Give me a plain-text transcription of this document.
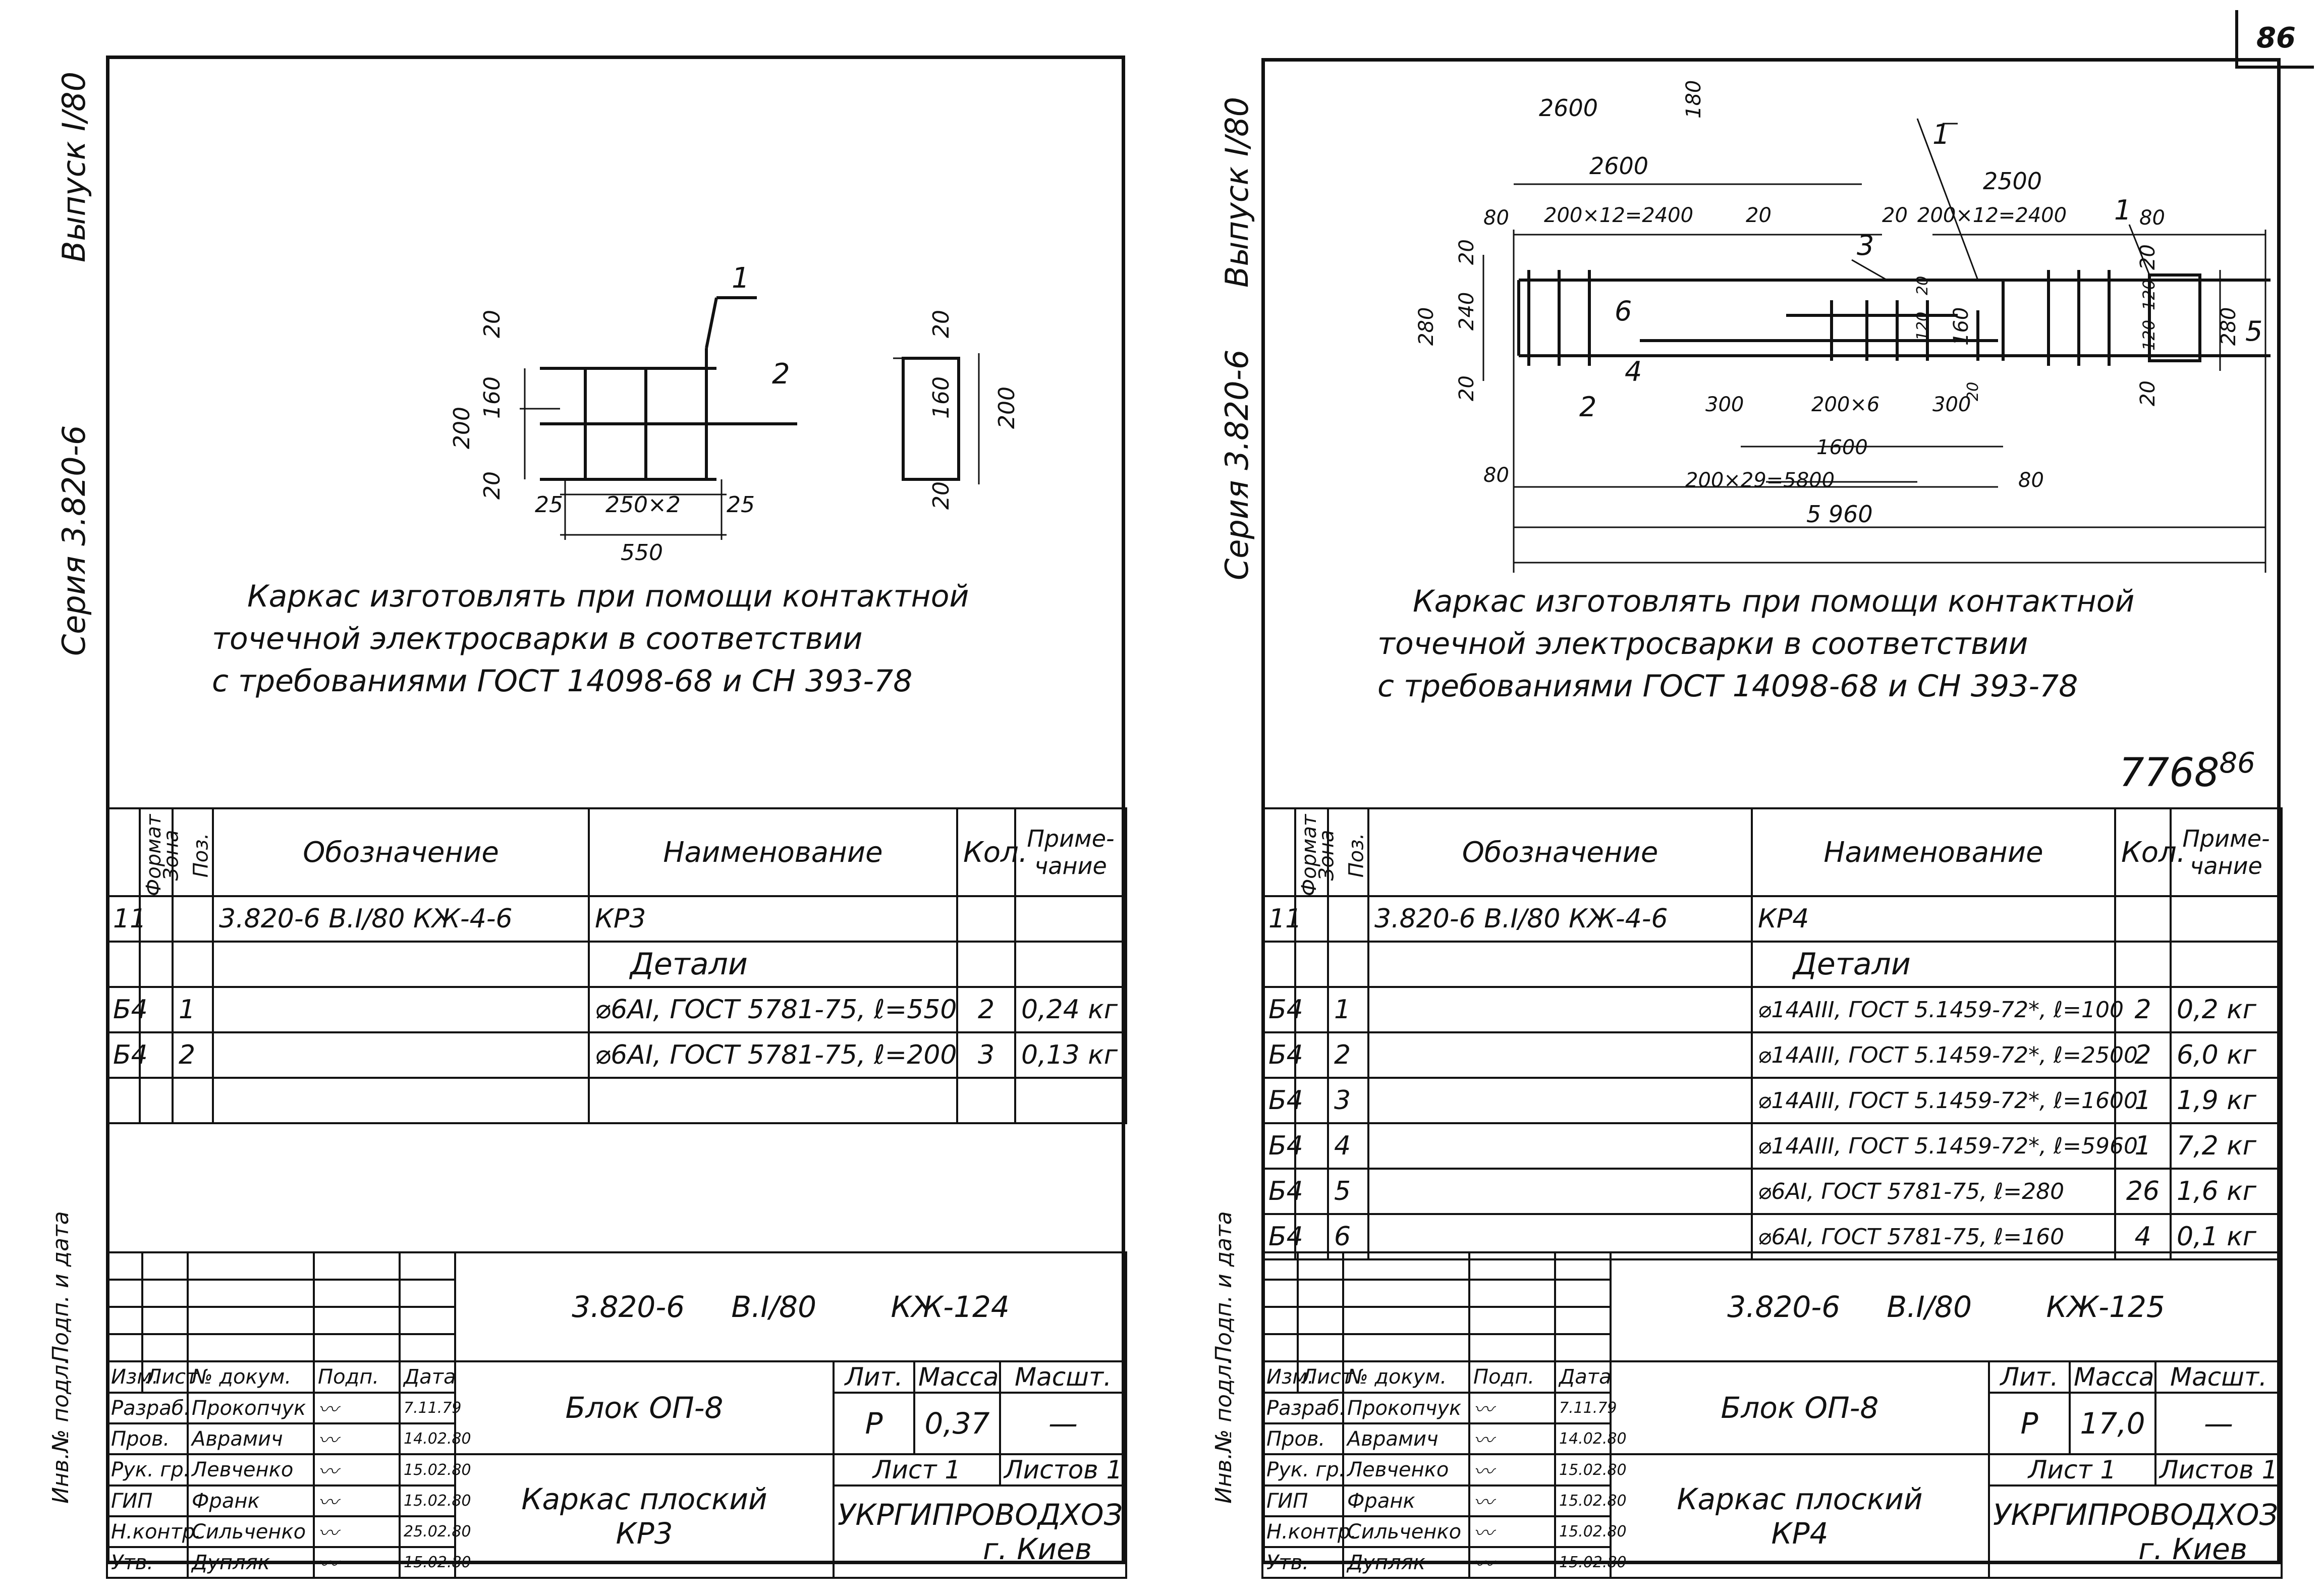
86
Выпуск I/80
Серия 3.820-6
20
160
200
20
25 250×2 25
550
1
2
20
160 200
20
Каркас изготовлять при помощи контактной
точечной электросварки в соответствии
с требованиями ГОСТ 14098-68 и СН 393-78
Формат	Зона	Поз.	Обозначение	Наименование	Кол.	Приме-чание
11			3.820-6 В.I/80 КЖ-4-6	КР3		
				Детали		
Б4		1		⌀6АI, ГОСТ 5781-75, ℓ=550	2	0,24 кг
Б4		2		⌀6АI, ГОСТ 5781-75, ℓ=200	3	0,13 кг

Инв.№ подл.
Подп. и дата
						3.820-6 В.I/80 КЖ-124			

Изм.	Лист	№ докум.	Подп.	Дата	Блок ОП-8	Лит.	Масса	Масшт.
Разраб.		Прокопчук	〰	7.11.79		Р	0,37	—
Пров.		Аврамич	〰	14.02.80				
Рук. гр.		Левченко	〰	15.02.80	Каркас плоский
КР3	Лист 1		Листов 1
ГИП		Франк	〰	15.02.80		УКРГИПРОВОДХОЗ
г. Киев		

Н.контр.		Сильченко	〰	25.02.80				
Утв.		Дупляк	〰	15.02.80				
Выпуск I/80
Серия 3.820-6
2600	180
2600
2500
80 200×12=2400	20	20 200×12=2400	80
20
280 240
20
20
120 160
20
300	200×6	300
1600
80	200×29=5800	80
5 960
20
120
120
20
280
1
2
3
4
5
6
1
Каркас изготовлять при помощи контактной
точечной электросварки в соответствии
с требованиями ГОСТ 14098-68 и СН 393-78
7768$^{86}$
Формат	Зона	Поз.	Обозначение	Наименование	Кол.	Приме-чание
11			3.820-6 В.I/80 КЖ-4-6	КР4		
				Детали		
Б4		1		⌀14АIII, ГОСТ 5.1459-72*, ℓ=100	2	0,2 кг
Б4		2		⌀14АIII, ГОСТ 5.1459-72*, ℓ=2500	2	6,0 кг
Б4		3		⌀14АIII, ГОСТ 5.1459-72*, ℓ=1600	1	1,9 кг
Б4		4		⌀14АIII, ГОСТ 5.1459-72*, ℓ=5960	1	7,2 кг
Б4		5		⌀6АI, ГОСТ 5781-75, ℓ=280	26	1,6 кг
Б4		6		⌀6АI, ГОСТ 5781-75, ℓ=160	4	0,1 кг
Инв.№ подл.
Подп. и дата
						3.820-6 В.I/80 КЖ-125			

Изм.	Лист	№ докум.	Подп.	Дата	Блок ОП-8	Лит.	Масса	Масшт.
Разраб.		Прокопчук	〰	7.11.79		Р	17,0	—
Пров.		Аврамич	〰	14.02.80				
Рук. гр.		Левченко	〰	15.02.80	Каркас плоский
КР4	Лист 1		Листов 1
ГИП		Франк	〰	15.02.80		УКРГИПРОВОДХОЗ
г. Киев		

Н.контр.		Сильченко	〰	15.02.80				
Утв.		Дупляк	〰	15.02.80				
